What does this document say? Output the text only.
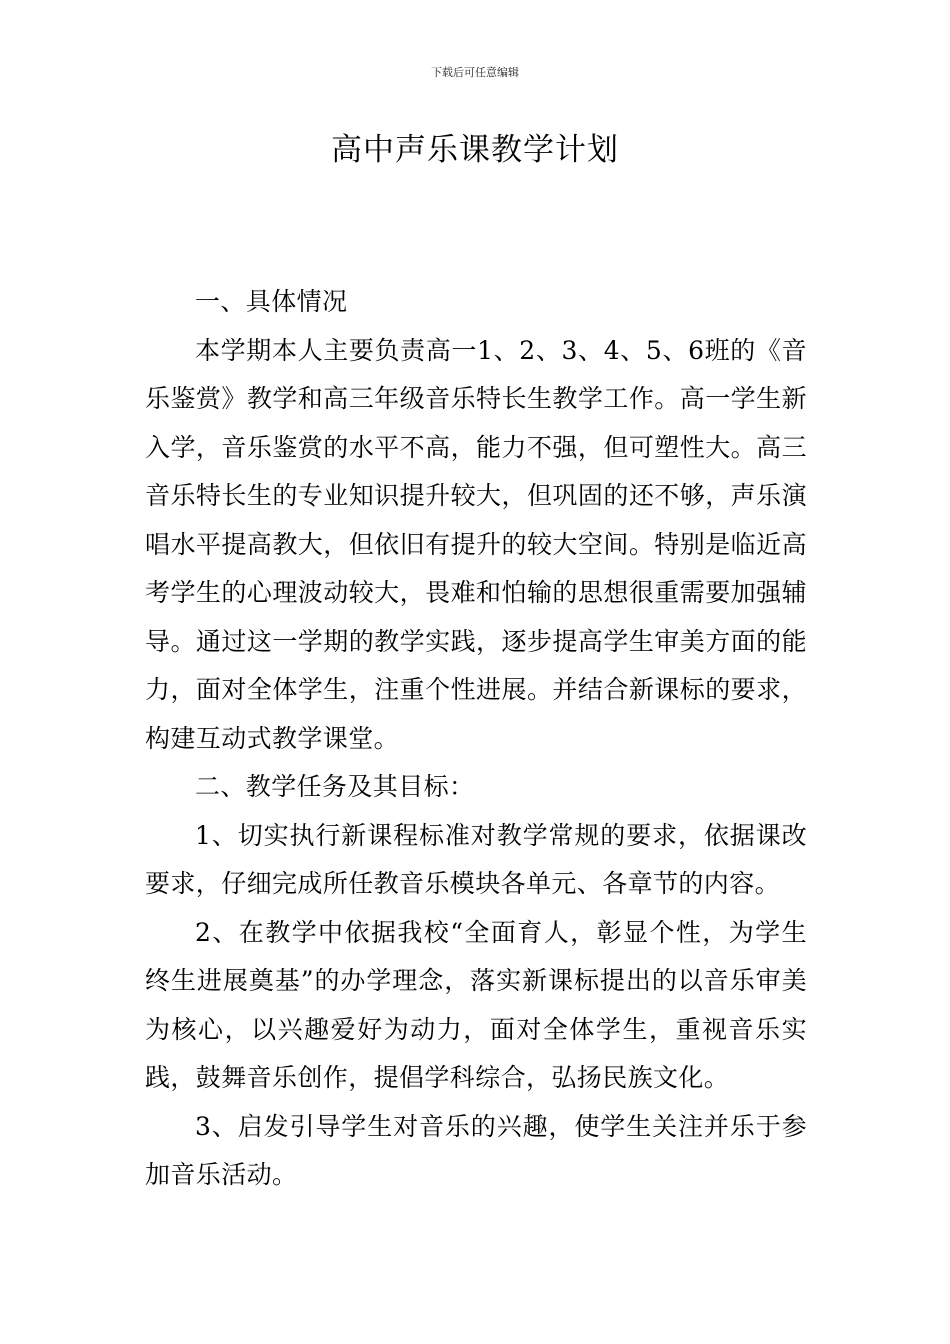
下载后可任意编辑
高中声乐课教学计划

一、具体情况

本学期本人主要负责高一1、2、3、4、5、6班的《音乐鉴赏》教学和高三年级音乐特长生教学工作。高一学生新入学，音乐鉴赏的水平不高，能力不强，但可塑性大。高三音乐特长生的专业知识提升较大，但巩固的还不够，声乐演唱水平提高教大，但依旧有提升的较大空间。特别是临近高考学生的心理波动较大，畏难和怕输的思想很重需要加强辅导。通过这一学期的教学实践，逐步提高学生审美方面的能力，面对全体学生，注重个性进展。并结合新课标的要求，构建互动式教学课堂。

二、教学任务及其目标：

1、切实执行新课程标准对教学常规的要求，依据课改要求，仔细完成所任教音乐模块各单元、各章节的内容。

2、在教学中依据我校“全面育人，彰显个性，为学生终生进展奠基”的办学理念，落实新课标提出的以音乐审美为核心，以兴趣爱好为动力，面对全体学生，重视音乐实践，鼓舞音乐创作，提倡学科综合，弘扬民族文化。

3、启发引导学生对音乐的兴趣，使学生关注并乐于参加音乐活动。
